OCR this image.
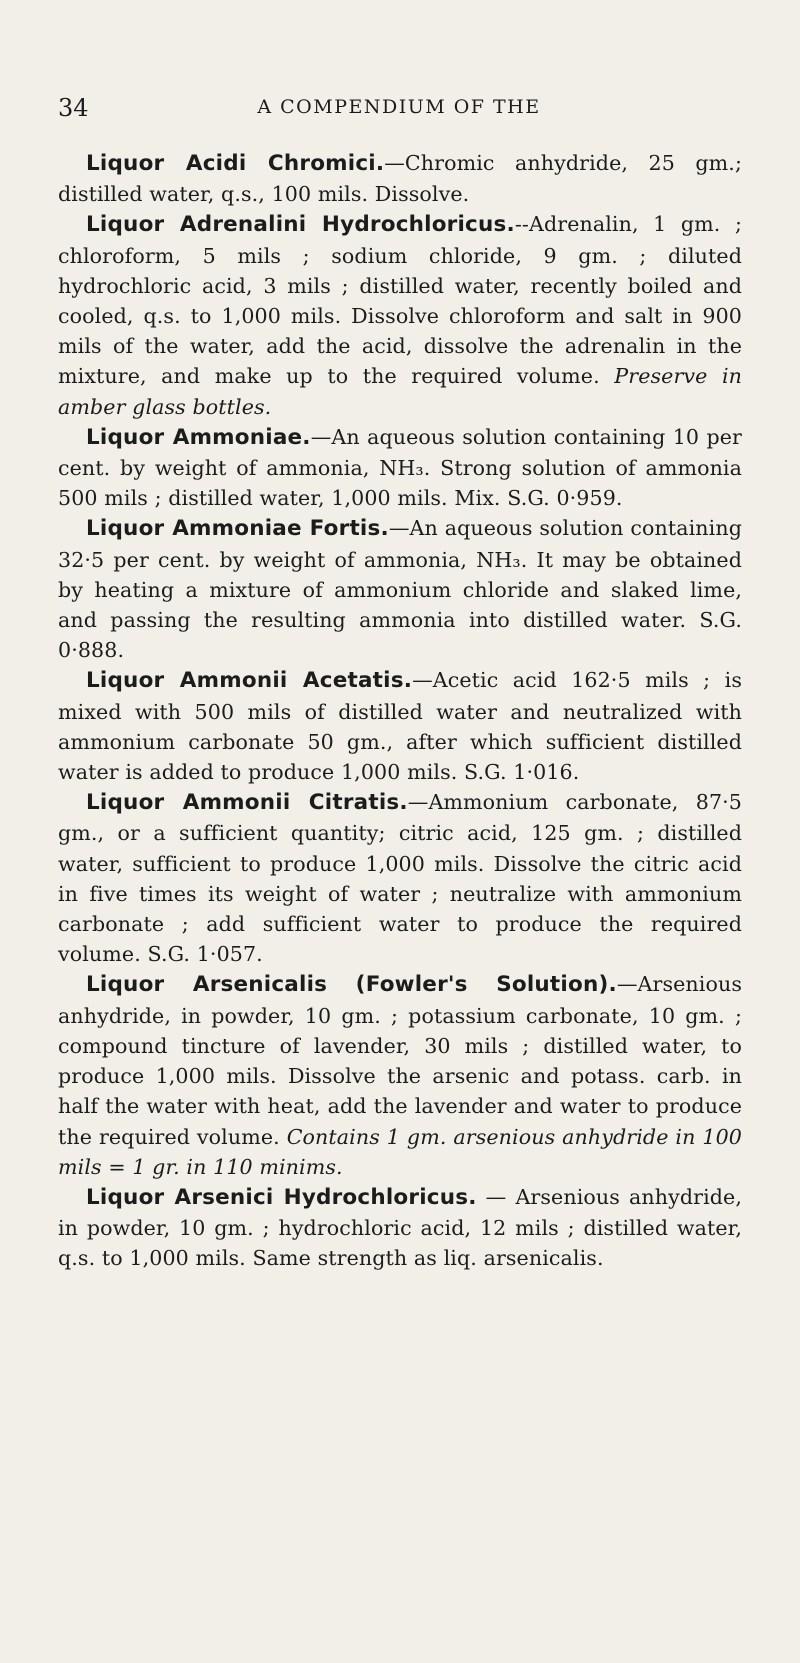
34	A COMPENDIUM OF THE

Liquor Acidi Chromici.—Chromic anhydride, 25 gm.; distilled water, q.s., 100 mils. Dissolve.

Liquor Adrenalini Hydrochloricus.--Adrenalin, 1 gm. ; chloroform, 5 mils ; sodium chloride, 9 gm. ; diluted hydrochloric acid, 3 mils ; distilled water, recently boiled and cooled, q.s. to 1,000 mils. Dissolve chloroform and salt in 900 mils of the water, add the acid, dissolve the adrenalin in the mixture, and make up to the required volume. Preserve in amber glass bottles.

Liquor Ammoniae.—An aqueous solution containing 10 per cent. by weight of ammonia, NH₃. Strong solution of ammonia 500 mils ; distilled water, 1,000 mils. Mix. S.G. 0·959.

Liquor Ammoniae Fortis.—An aqueous solution containing 32·5 per cent. by weight of ammonia, NH₃. It may be obtained by heating a mixture of ammonium chloride and slaked lime, and passing the resulting ammonia into distilled water. S.G. 0·888.

Liquor Ammonii Acetatis.—Acetic acid 162·5 mils ; is mixed with 500 mils of distilled water and neutralized with ammonium carbonate 50 gm., after which sufficient distilled water is added to produce 1,000 mils. S.G. 1·016.

Liquor Ammonii Citratis.—Ammonium carbonate, 87·5 gm., or a sufficient quantity; citric acid, 125 gm. ; distilled water, sufficient to produce 1,000 mils. Dissolve the citric acid in five times its weight of water ; neutralize with ammonium carbonate ; add sufficient water to produce the required volume. S.G. 1·057.

Liquor Arsenicalis (Fowler's Solution).—Arsenious anhydride, in powder, 10 gm. ; potassium carbonate, 10 gm. ; compound tincture of lavender, 30 mils ; distilled water, to produce 1,000 mils. Dissolve the arsenic and potass. carb. in half the water with heat, add the lavender and water to produce the required volume. Contains 1 gm. arsenious anhydride in 100 mils = 1 gr. in 110 minims.

Liquor Arsenici Hydrochloricus. — Arsenious anhydride, in powder, 10 gm. ; hydrochloric acid, 12 mils ; distilled water, q.s. to 1,000 mils. Same strength as liq. arsenicalis.
